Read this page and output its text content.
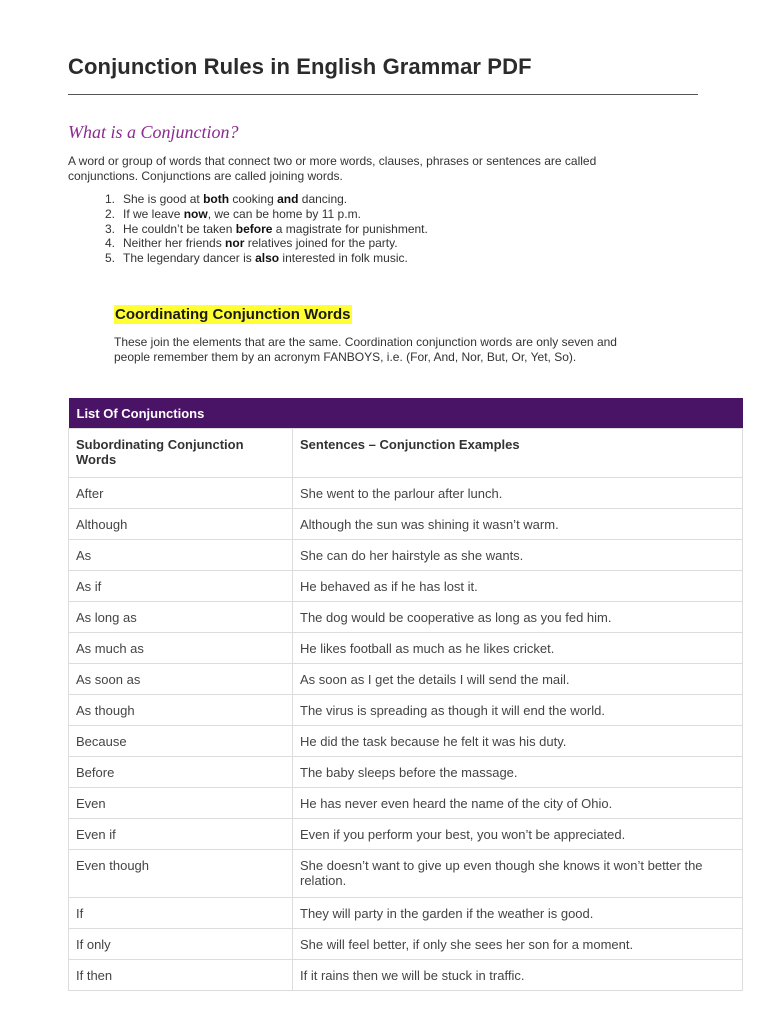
Conjunction Rules in English Grammar PDF
What is a Conjunction?

A word or group of words that connect two or more words, clauses, phrases or sentences are called
conjunctions. Conjunctions are called joining words.

1. She is good at both cooking and dancing.
2. If we leave now, we can be home by 11 p.m.
3. He couldn’t be taken before a magistrate for punishment.
4. Neither her friends nor relatives joined for the party.
5. The legendary dancer is also interested in folk music.
Coordinating Conjunction Words

These join the elements that are the same. Coordination conjunction words are only seven and
people remember them by an acronym FANBOYS, i.e. (For, And, Nor, But, Or, Yet, So).

List Of Conjunctions	
Subordinating Conjunction Words	Sentences – Conjunction Examples
After	She went to the parlour after lunch.
Although	Although the sun was shining it wasn’t warm.
As	She can do her hairstyle as she wants.
As if	He behaved as if he has lost it.
As long as	The dog would be cooperative as long as you fed him.
As much as	He likes football as much as he likes cricket.
As soon as	As soon as I get the details I will send the mail.
As though	The virus is spreading as though it will end the world.
Because	He did the task because he felt it was his duty.
Before	The baby sleeps before the massage.
Even	He has never even heard the name of the city of Ohio.
Even if	Even if you perform your best, you won’t be appreciated.
Even though	She doesn’t want to give up even though she knows it won’t better the relation.
If	They will party in the garden if the weather is good.
If only	She will feel better, if only she sees her son for a moment.
If then	If it rains then we will be stuck in traffic.
